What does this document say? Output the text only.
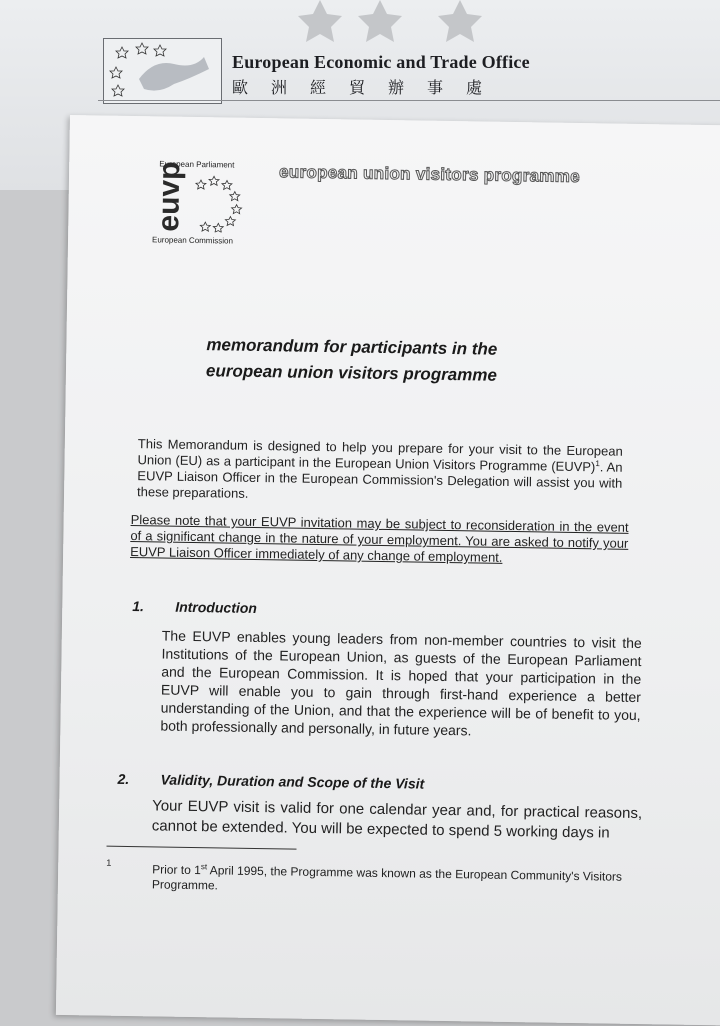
European Economic and Trade Office
歐洲經貿辦事處
European Parliament
euvp
European Commission
european union visitors programme
memorandum for participants in the
european union visitors programme
This Memorandum is designed to help you prepare for your visit to the European Union (EU) as a participant in the European Union Visitors Programme (EUVP)$^1$. An EUVP Liaison Officer in the European Commission's Delegation will assist you with these preparations.
Please note that your EUVP invitation may be subject to reconsideration in the event of a significant change in the nature of your employment. You are asked to notify your EUVP Liaison Officer immediately of any change of employment.
1. Introduction
The EUVP enables young leaders from non-member countries to visit the Institutions of the European Union, as guests of the European Parliament and the European Commission. It is hoped that your participation in the EUVP will enable you to gain through first-hand experience a better understanding of the Union, and that the experience will be of benefit to you, both professionally and personally, in future years.
2. Validity, Duration and Scope of the Visit
Your EUVP visit is valid for one calendar year and, for practical reasons, cannot be extended. You will be expected to spend 5 working days in
1	Prior to 1st April 1995, the Programme was known as the European Community's Visitors Programme.
